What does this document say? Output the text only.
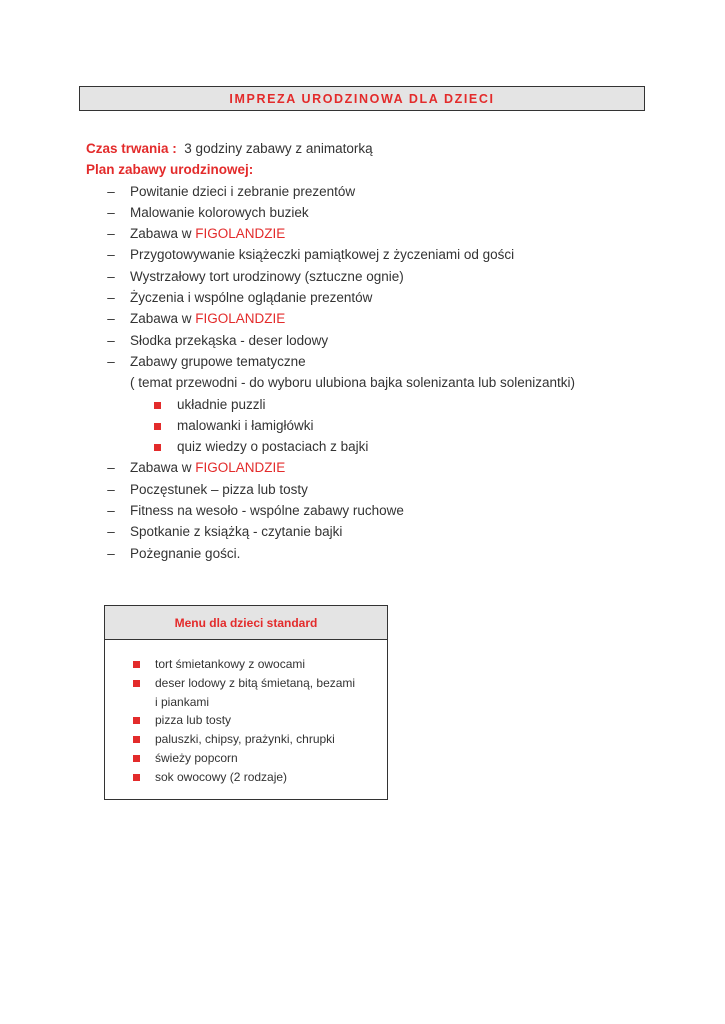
IMPREZA URODZINOWA DLA DZIECI
Czas trwania : 3 godziny zabawy z animatorką
Plan zabawy urodzinowej:
– Powitanie dzieci i zebranie prezentów
– Malowanie kolorowych buziek
– Zabawa w FIGOLANDZIE
– Przygotowywanie książeczki pamiątkowej z życzeniami od gości
– Wystrzałowy tort urodzinowy (sztuczne ognie)
– Życzenia i wspólne oglądanie prezentów
– Zabawa w FIGOLANDZIE
– Słodka przekąska - deser lodowy
– Zabawy grupowe tematyczne
( temat przewodni - do wyboru ulubiona bajka solenizanta lub solenizantki)
układnie puzzli
malowanki i łamigłówki
quiz wiedzy o postaciach z bajki
– Zabawa w FIGOLANDZIE
– Poczęstunek – pizza lub tosty
– Fitness na wesoło - wspólne zabawy ruchowe
– Spotkanie z książką - czytanie bajki
– Pożegnanie gości.
Menu dla dzieci standard
tort śmietankowy z owocami
deser lodowy z bitą śmietaną, bezami
i piankami
pizza lub tosty
paluszki, chipsy, prażynki, chrupki
świeży popcorn
sok owocowy (2 rodzaje)
